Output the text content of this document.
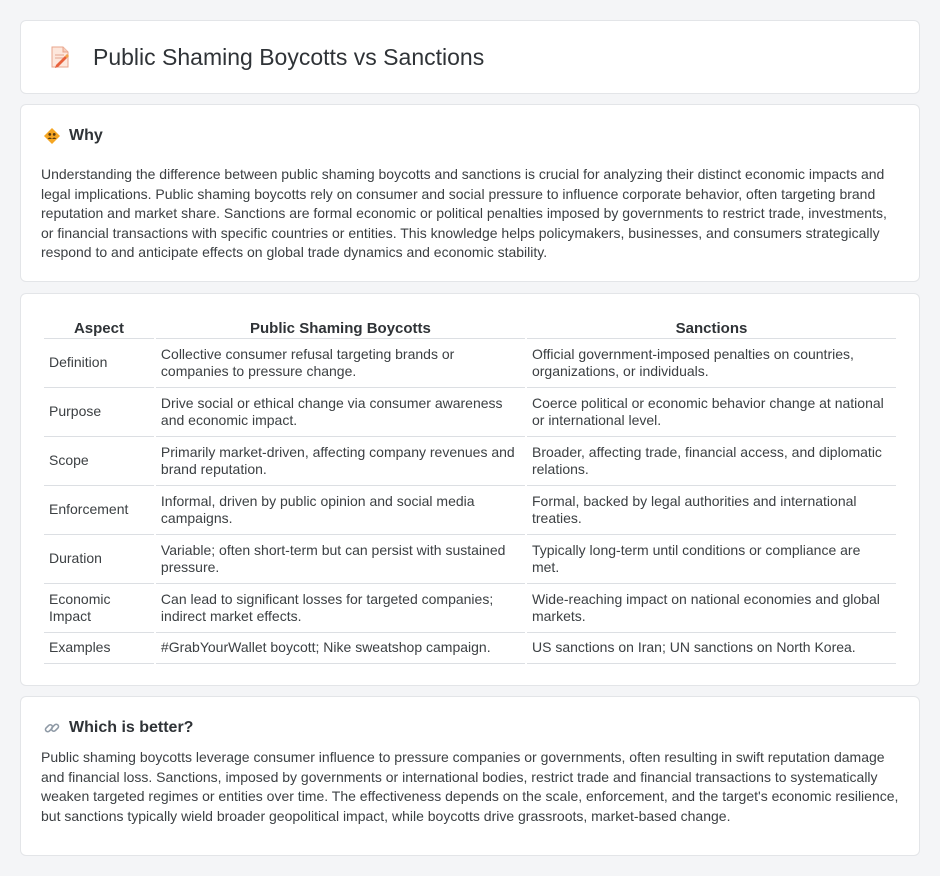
Public Shaming Boycotts vs Sanctions
Why

Understanding the difference between public shaming boycotts and sanctions is crucial for analyzing their distinct economic impacts and legal implications. Public shaming boycotts rely on consumer and social pressure to influence corporate behavior, often targeting brand reputation and market share. Sanctions are formal economic or political penalties imposed by governments to restrict trade, investments, or financial transactions with specific countries or entities. This knowledge helps policymakers, businesses, and consumers strategically respond to and anticipate effects on global trade dynamics and economic stability.

Aspect	Public Shaming Boycotts	Sanctions
Definition	Collective consumer refusal targeting brands or companies to pressure change.	Official government-imposed penalties on countries, organizations, or individuals.
Purpose	Drive social or ethical change via consumer awareness and economic impact.	Coerce political or economic behavior change at national or international level.
Scope	Primarily market-driven, affecting company revenues and brand reputation.	Broader, affecting trade, financial access, and diplomatic relations.
Enforcement	Informal, driven by public opinion and social media campaigns.	Formal, backed by legal authorities and international treaties.
Duration	Variable; often short-term but can persist with sustained pressure.	Typically long-term until conditions or compliance are met.
Economic Impact	Can lead to significant losses for targeted companies; indirect market effects.	Wide-reaching impact on national economies and global markets.
Examples	#GrabYourWallet boycott; Nike sweatshop campaign.	US sanctions on Iran; UN sanctions on North Korea.
Which is better?

Public shaming boycotts leverage consumer influence to pressure companies or governments, often resulting in swift reputation damage and financial loss. Sanctions, imposed by governments or international bodies, restrict trade and financial transactions to systematically weaken targeted regimes or entities over time. The effectiveness depends on the scale, enforcement, and the target's economic resilience, but sanctions typically wield broader geopolitical impact, while boycotts drive grassroots, market-based change.
